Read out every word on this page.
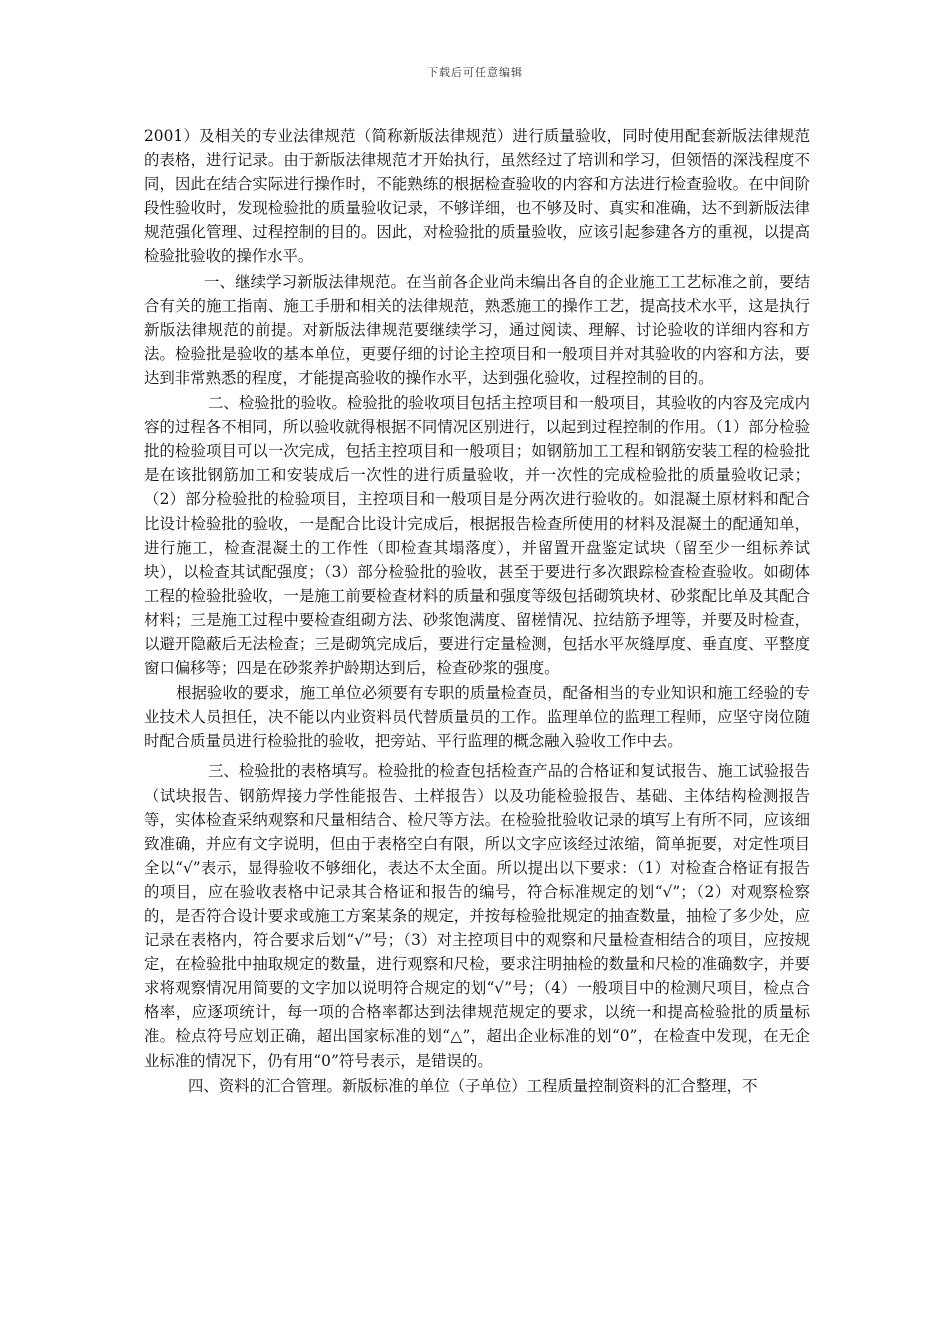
下载后可任意编辑

2001）及相关的专业法律规范（简称新版法律规范）进行质量验收，同时使用配套新版法律规范的表格，进行记录。由于新版法律规范才开始执行，虽然经过了培训和学习，但领悟的深浅程度不同，因此在结合实际进行操作时，不能熟练的根据检查验收的内容和方法进行检查验收。在中间阶段性验收时，发现检验批的质量验收记录，不够详细，也不够及时、真实和准确，达不到新版法律规范强化管理、过程控制的目的。因此，对检验批的质量验收，应该引起参建各方的重视，以提高检验批验收的操作水平。

一、继续学习新版法律规范。在当前各企业尚未编出各自的企业施工工艺标准之前，要结合有关的施工指南、施工手册和相关的法律规范，熟悉施工的操作工艺，提高技术水平，这是执行新版法律规范的前提。对新版法律规范要继续学习，通过阅读、理解、讨论验收的详细内容和方法。检验批是验收的基本单位，更要仔细的讨论主控项目和一般项目并对其验收的内容和方法，要达到非常熟悉的程度，才能提高验收的操作水平，达到强化验收，过程控制的目的。

二、检验批的验收。检验批的验收项目包括主控项目和一般项目，其验收的内容及完成内容的过程各不相同，所以验收就得根据不同情况区别进行，以起到过程控制的作用。（1）部分检验批的检验项目可以一次完成，包括主控项目和一般项目；如钢筋加工工程和钢筋安装工程的检验批是在该批钢筋加工和安装成后一次性的进行质量验收，并一次性的完成检验批的质量验收记录；（2）部分检验批的检验项目，主控项目和一般项目是分两次进行验收的。如混凝土原材料和配合比设计检验批的验收，一是配合比设计完成后，根据报告检查所使用的材料及混凝土的配通知单，进行施工，检查混凝土的工作性（即检查其塌落度），并留置开盘鉴定试块（留至少一组标养试块），以检查其试配强度；（3）部分检验批的验收，甚至于要进行多次跟踪检查检查验收。如砌体工程的检验批验收，一是施工前要检查材料的质量和强度等级包括砌筑块材、砂浆配比单及其配合材料；三是施工过程中要检查组砌方法、砂浆饱满度、留槎情况、拉结筋予埋等，并要及时检查，以避开隐蔽后无法检查；三是砌筑完成后，要进行定量检测，包括水平灰缝厚度、垂直度、平整度窗口偏移等；四是在砂浆养护龄期达到后，检查砂浆的强度。

根据验收的要求，施工单位必须要有专职的质量检查员，配备相当的专业知识和施工经验的专业技术人员担任，决不能以内业资料员代替质量员的工作。监理单位的监理工程师，应坚守岗位随时配合质量员进行检验批的验收，把旁站、平行监理的概念融入验收工作中去。

三、检验批的表格填写。检验批的检查包括检查产品的合格证和复试报告、施工试验报告（试块报告、钢筋焊接力学性能报告、土样报告）以及功能检验报告、基础、主体结构检测报告等，实体检查采纳观察和尺量相结合、检尺等方法。在检验批验收记录的填写上有所不同，应该细致准确，并应有文字说明，但由于表格空白有限，所以文字应该经过浓缩，简单扼要，对定性项目全以“√”表示，显得验收不够细化，表达不太全面。所以提出以下要求：（1）对检查合格证有报告的项目，应在验收表格中记录其合格证和报告的编号，符合标准规定的划“√”；（2）对观察检察的，是否符合设计要求或施工方案某条的规定，并按每检验批规定的抽查数量，抽检了多少处，应记录在表格内，符合要求后划“√”号；（3）对主控项目中的观察和尺量检查相结合的项目，应按规定，在检验批中抽取规定的数量，进行观察和尺检，要求注明抽检的数量和尺检的准确数字，并要求将观察情况用简要的文字加以说明符合规定的划“√”号；（4）一般项目中的检测尺项目，检点合格率，应逐项统计，每一项的合格率都达到法律规范规定的要求，以统一和提高检验批的质量标准。检点符号应划正确，超出国家标准的划“△”，超出企业标准的划“0”，在检查中发现，在无企业标准的情况下，仍有用“0”符号表示，是错误的。

四、资料的汇合管理。新版标准的单位（子单位）工程质量控制资料的汇合整理，不
